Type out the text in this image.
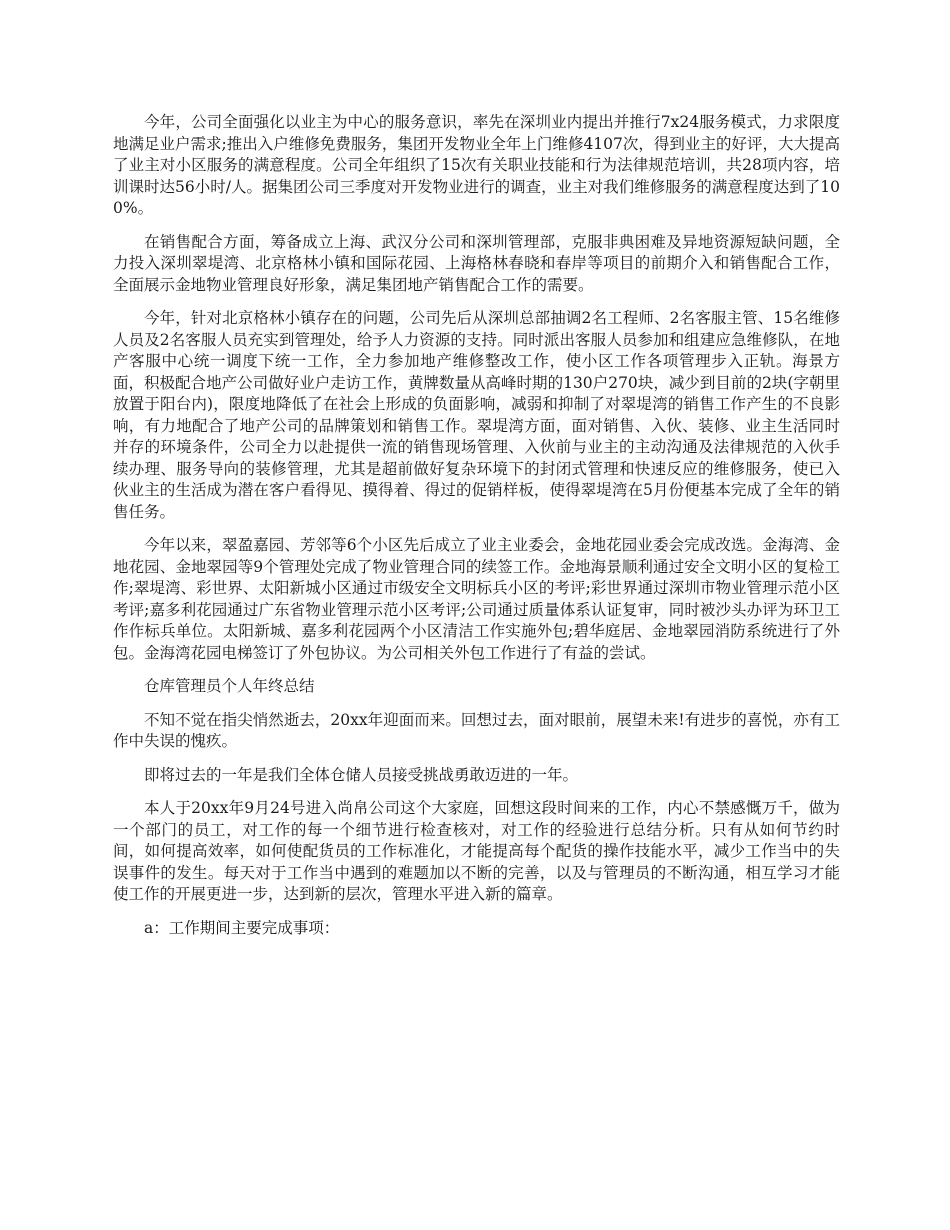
今年，公司全面强化以业主为中心的服务意识，率先在深圳业内提出并推行7x24服务模式，力求限度地满足业户需求;推出入户维修免费服务，集团开发物业全年上门维修4107次，得到业主的好评，大大提高了业主对小区服务的满意程度。公司全年组织了15次有关职业技能和行为法律规范培训，共28项内容，培训课时达56小时/人。据集团公司三季度对开发物业进行的调查，业主对我们维修服务的满意程度达到了100%。

在销售配合方面，筹备成立上海、武汉分公司和深圳管理部，克服非典困难及异地资源短缺问题，全力投入深圳翠堤湾、北京格林小镇和国际花园、上海格林春晓和春岸等项目的前期介入和销售配合工作，全面展示金地物业管理良好形象，满足集团地产销售配合工作的需要。

今年，针对北京格林小镇存在的问题，公司先后从深圳总部抽调2名工程师、2名客服主管、15名维修人员及2名客服人员充实到管理处，给予人力资源的支持。同时派出客服人员参加和组建应急维修队，在地产客服中心统一调度下统一工作，全力参加地产维修整改工作，使小区工作各项管理步入正轨。海景方面，积极配合地产公司做好业户走访工作，黄牌数量从高峰时期的130户270块，减少到目前的2块(字朝里放置于阳台内)，限度地降低了在社会上形成的负面影响，减弱和抑制了对翠堤湾的销售工作产生的不良影响，有力地配合了地产公司的品牌策划和销售工作。翠堤湾方面，面对销售、入伙、装修、业主生活同时并存的环境条件，公司全力以赴提供一流的销售现场管理、入伙前与业主的主动沟通及法律规范的入伙手续办理、服务导向的装修管理，尤其是超前做好复杂环境下的封闭式管理和快速反应的维修服务，使已入伙业主的生活成为潜在客户看得见、摸得着、得过的促销样板，使得翠堤湾在5月份便基本完成了全年的销售任务。

今年以来，翠盈嘉园、芳邻等6个小区先后成立了业主业委会，金地花园业委会完成改选。金海湾、金地花园、金地翠园等9个管理处完成了物业管理合同的续签工作。金地海景顺利通过安全文明小区的复检工作;翠堤湾、彩世界、太阳新城小区通过市级安全文明标兵小区的考评;彩世界通过深圳市物业管理示范小区考评;嘉多利花园通过广东省物业管理示范小区考评;公司通过质量体系认证复审，同时被沙头办评为环卫工作作标兵单位。太阳新城、嘉多利花园两个小区清洁工作实施外包;碧华庭居、金地翠园消防系统进行了外包。金海湾花园电梯签订了外包协议。为公司相关外包工作进行了有益的尝试。

仓库管理员个人年终总结

不知不觉在指尖悄然逝去，20xx年迎面而来。回想过去，面对眼前，展望未来!有进步的喜悦，亦有工作中失误的愧疚。

即将过去的一年是我们全体仓储人员接受挑战勇敢迈进的一年。

本人于20xx年9月24号进入尚帛公司这个大家庭，回想这段时间来的工作，内心不禁感慨万千，做为一个部门的员工，对工作的每一个细节进行检查核对，对工作的经验进行总结分析。只有从如何节约时间，如何提高效率，如何使配货员的工作标准化，才能提高每个配货的操作技能水平，减少工作当中的失误事件的发生。每天对于工作当中遇到的难题加以不断的完善，以及与管理员的不断沟通，相互学习才能使工作的开展更进一步，达到新的层次，管理水平进入新的篇章。

a：工作期间主要完成事项：
